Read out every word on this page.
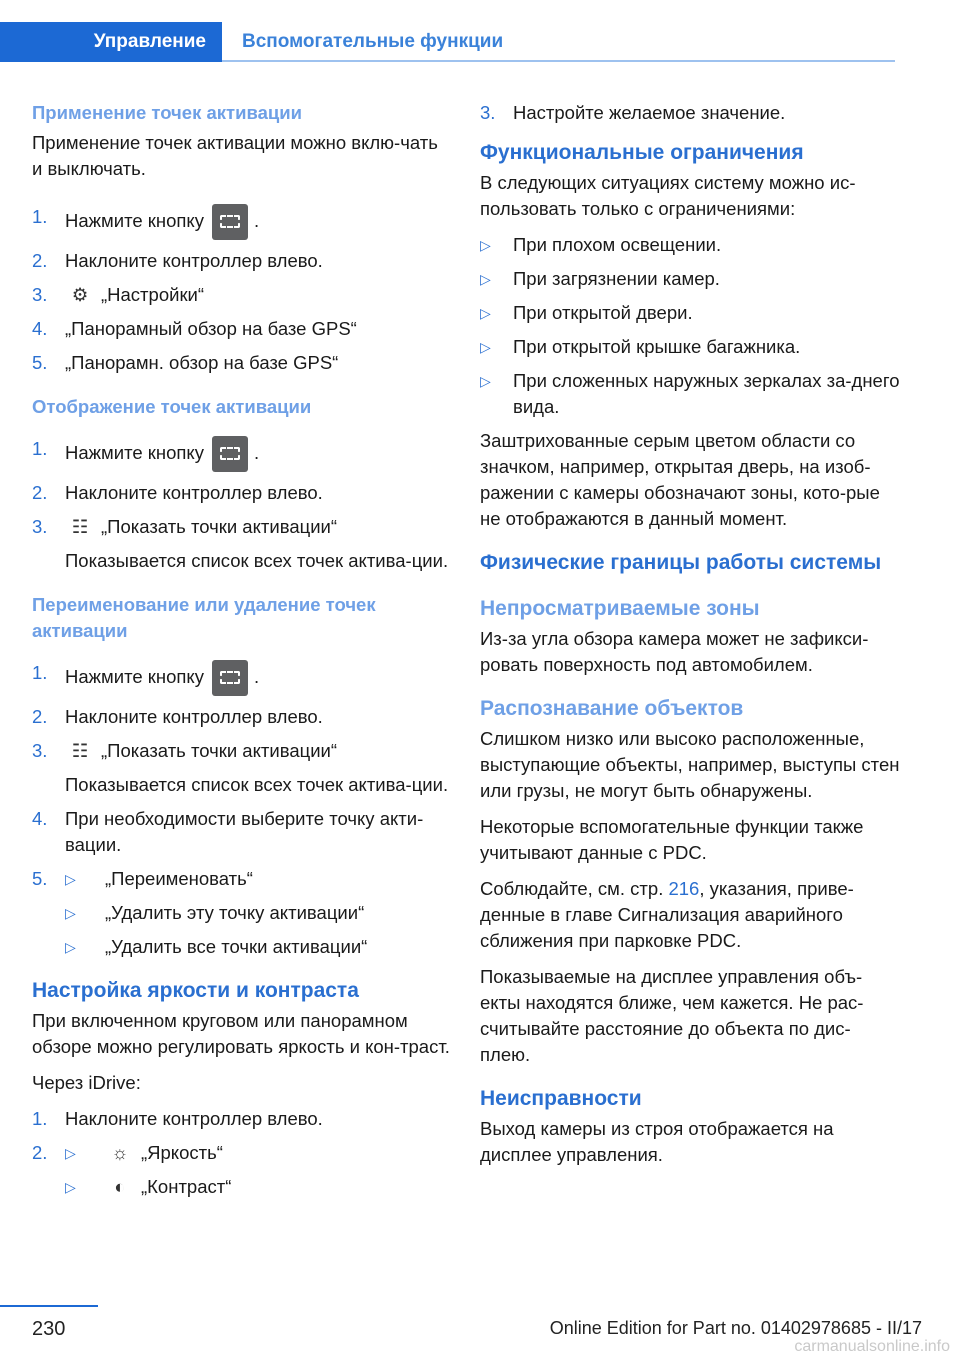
Управление	Вспомогательные функции
Применение точек активации

Применение точек активации можно вклю-чать и выключать.

1. Нажмите кнопку	.
2. Наклоните контроллер влево.
3. ⚙ „Настройки“
4. „Панорамный обзор на базе GPS“
5. „Панорамн. обзор на базе GPS“
Отображение точек активации
1. Нажмите кнопку	.
2. Наклоните контроллер влево.
3. ☷ „Показать точки активации“
Показывается список всех точек актива-ции.
Переименование или удаление точек активации
1. Нажмите кнопку	.
2. Наклоните контроллер влево.
3. ☷ „Показать точки активации“
Показывается список всех точек актива-ции.
4. При необходимости выберите точку акти-вации.
5. ▷ „Переименовать“
▷ „Удалить эту точку активации“
▷ „Удалить все точки активации“
Настройка яркости и контраста

При включенном круговом или панорамном обзоре можно регулировать яркость и кон-траст.

Через iDrive:

1. Наклоните контроллер влево.
2. ▷ ☼ „Яркость“
▷ ◐ „Контраст“
3. Настройте желаемое значение.
Функциональные ограничения

В следующих ситуациях систему можно ис-пользовать только с ограничениями:

▷ При плохом освещении.
▷ При загрязнении камер.
▷ При открытой двери.
▷ При открытой крышке багажника.
▷ При сложенных наружных зеркалах за-днего вида.

Заштрихованные серым цветом области со значком, например, открытая дверь, на изоб-ражении с камеры обозначают зоны, кото-рые не отображаются в данный момент.

Физические границы работы системы
Непросматриваемые зоны

Из-за угла обзора камера может не зафикси-ровать поверхность под автомобилем.

Распознавание объектов

Слишком низко или высоко расположенные, выступающие объекты, например, выступы стен или грузы, не могут быть обнаружены.

Некоторые вспомогательные функции также учитывают данные с PDC.

Соблюдайте, см. стр. 216, указания, приве-денные в главе Сигнализация аварийного сближения при парковке PDC.

Показываемые на дисплее управления объ-екты находятся ближе, чем кажется. Не рас-считывайте расстояние до объекта по дис-плею.

Неисправности

Выход камеры из строя отображается на дисплее управления.

230	Online Edition for Part no. 01402978685 - II/17
carmanualsonline.info
